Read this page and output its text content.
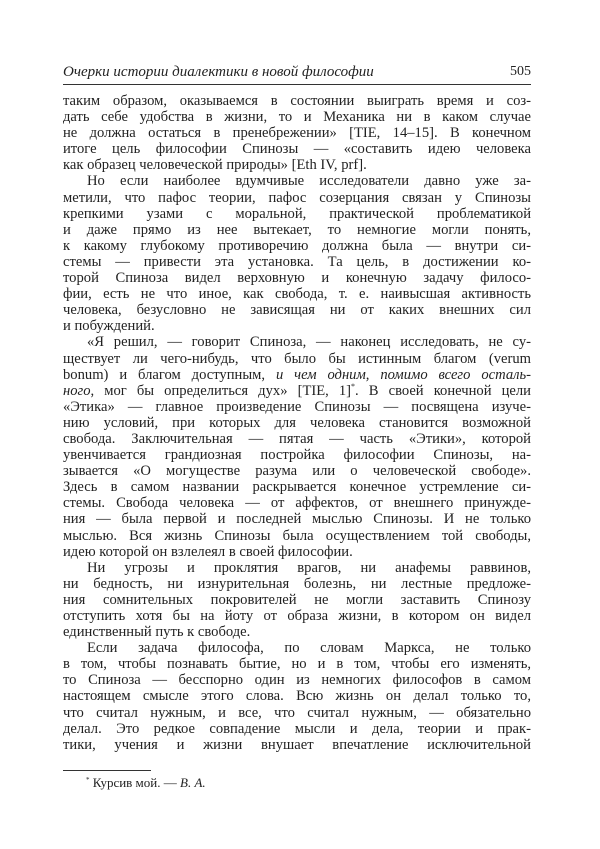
Очерки истории диалектики в новой философии	505
таким образом, оказываемся в состоянии выиграть время и соз-
дать себе удобства в жизни, то и Механика ни в каком случае
не должна остаться в пренебрежении» [TIE, 14–15]. В конечном
итоге цель философии Спинозы — «составить идею человека
как образец человеческой природы» [Eth IV, prf].
Но если наиболее вдумчивые исследователи давно уже за-
метили, что пафос теории, пафос созерцания связан у Спинозы
крепкими узами с моральной, практической проблематикой
и даже прямо из нее вытекает, то немногие могли понять,
к какому глубокому противоречию должна была — внутри си-
стемы — привести эта установка. Та цель, в достижении ко-
торой Спиноза видел верховную и конечную задачу филосо-
фии, есть не что иное, как свобода, т. е. наивысшая активность
человека, безусловно не зависящая ни от каких внешних сил
и побуждений.
«Я решил, — говорит Спиноза, — наконец исследовать, не су-
ществует ли чего-нибудь, что было бы истинным благом (verum
bonum) и благом доступным, и чем одним, помимо всего осталь-
ного, мог бы определиться дух» [TIE, 1]*. В своей конечной цели
«Этика» — главное произведение Спинозы — посвящена изуче-
нию условий, при которых для человека становится возможной
свобода. Заключительная — пятая — часть «Этики», которой
увенчивается грандиозная постройка философии Спинозы, на-
зывается «О могуществе разума или о человеческой свободе».
Здесь в самом названии раскрывается конечное устремление си-
стемы. Свобода человека — от аффектов, от внешнего принужде-
ния — была первой и последней мыслью Спинозы. И не только
мыслью. Вся жизнь Спинозы была осуществлением той свободы,
идею которой он взлелеял в своей философии.
Ни угрозы и проклятия врагов, ни анафемы раввинов,
ни бедность, ни изнурительная болезнь, ни лестные предложе-
ния сомнительных покровителей не могли заставить Спинозу
отступить хотя бы на йоту от образа жизни, в котором он видел
единственный путь к свободе.
Если задача философа, по словам Маркса, не только
в том, чтобы познавать бытие, но и в том, чтобы его изменять,
то Спиноза — бесспорно один из немногих философов в самом
настоящем смысле этого слова. Всю жизнь он делал только то,
что считал нужным, и все, что считал нужным, — обязательно
делал. Это редкое совпадение мысли и дела, теории и прак-
тики, учения и жизни внушает впечатление исключительной
* Курсив мой. — В. А.
